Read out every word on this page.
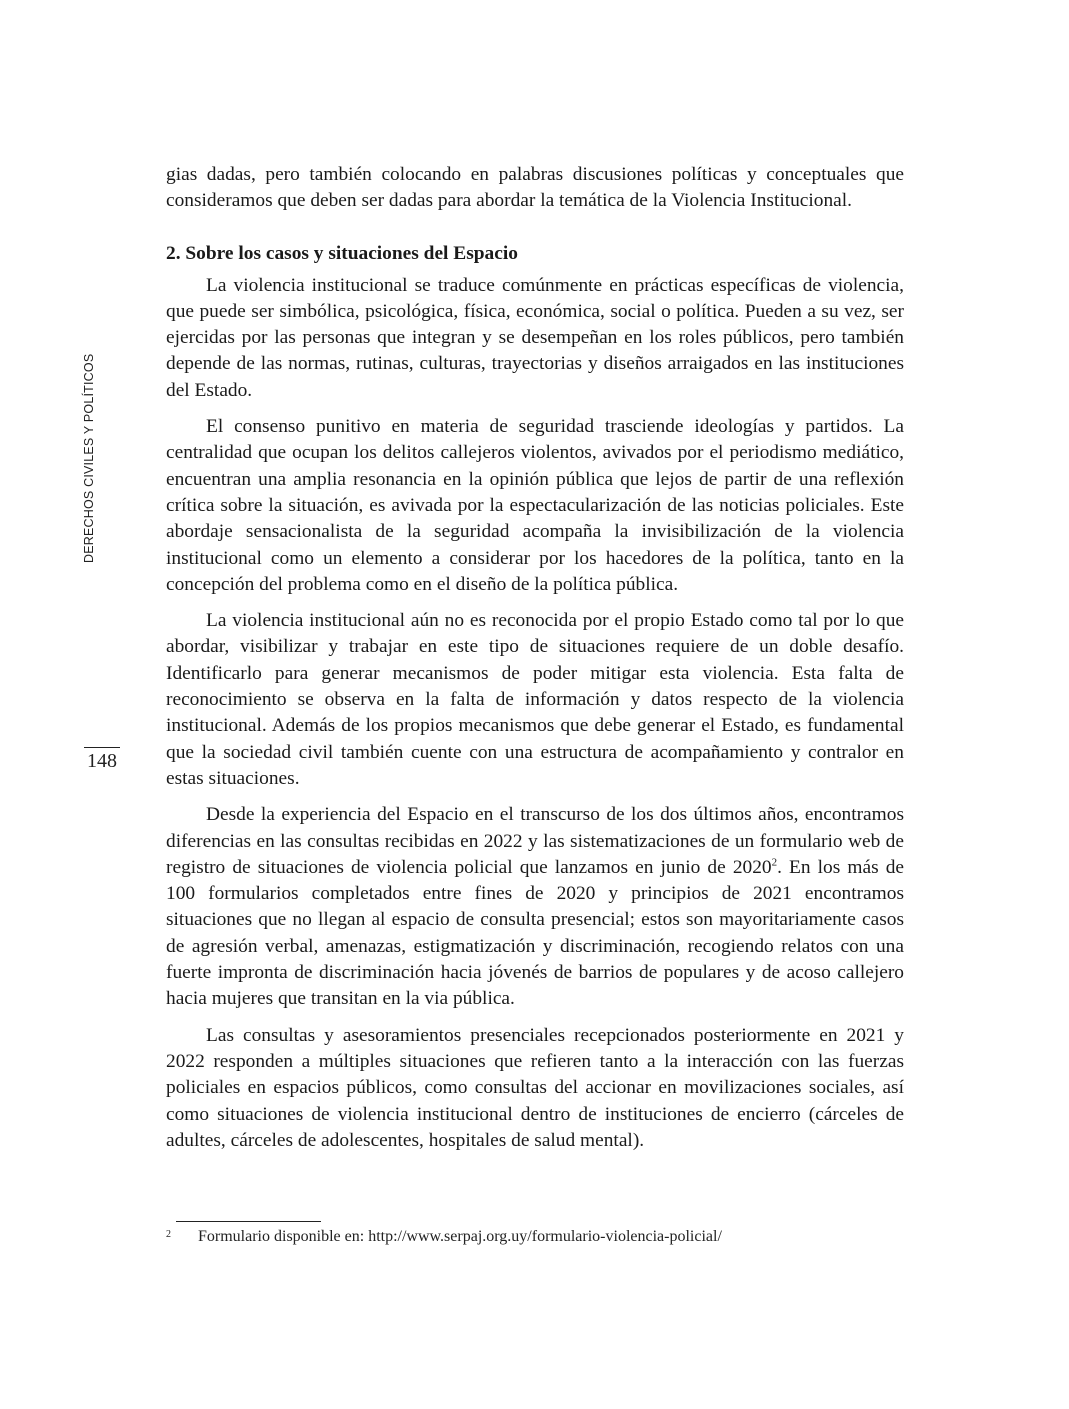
DERECHOS CIVILES Y POLÍTICOS
148

gias dadas, pero también colocando en palabras discusiones políticas y conceptuales que consideramos que deben ser dadas para abordar la temática de la Violencia Institucional.

2. Sobre los casos y situaciones del Espacio

La violencia institucional se traduce comúnmente en prácticas específicas de violencia, que puede ser simbólica, psicológica, física, económica, social o política. Pueden a su vez, ser ejercidas por las personas que integran y se desempeñan en los roles públicos, pero también depende de las normas, rutinas, culturas, trayectorias y diseños arraigados en las instituciones del Estado.

El consenso punitivo en materia de seguridad trasciende ideologías y partidos. La centralidad que ocupan los delitos callejeros violentos, avivados por el periodismo mediático, encuentran una amplia resonancia en la opinión pública que lejos de partir de una reflexión crítica sobre la situación, es avivada por la espectacularización de las noticias policiales. Este abordaje sensacionalista de la seguridad acompaña la invisibilización de la violencia institucional como un elemento a considerar por los hacedores de la política, tanto en la concepción del problema como en el diseño de la política pública.

La violencia institucional aún no es reconocida por el propio Estado como tal por lo que abordar, visibilizar y trabajar en este tipo de situaciones requiere de un doble desafío. Identificarlo para generar mecanismos de poder mitigar esta violencia. Esta falta de reconocimiento se observa en la falta de información y datos respecto de la violencia institucional. Además de los propios mecanismos que debe generar el Estado, es fundamental que la sociedad civil también cuente con una estructura de acompañamiento y contralor en estas situaciones.

Desde la experiencia del Espacio en el transcurso de los dos últimos años, encontramos diferencias en las consultas recibidas en 2022 y las sistematizaciones de un formulario web de registro de situaciones de violencia policial que lanzamos en junio de 2020$^2$. En los más de 100 formularios completados entre fines de 2020 y principios de 2021 encontramos situaciones que no llegan al espacio de consulta presencial; estos son mayoritariamente casos de agresión verbal, amenazas, estigmatización y discriminación, recogiendo relatos con una fuerte impronta de discriminación hacia jóvenés de barrios de populares y de acoso callejero hacia mujeres que transitan en la via pública.

Las consultas y asesoramientos presenciales recepcionados posteriormente en 2021 y 2022 responden a múltiples situaciones que refieren tanto a la interacción con las fuerzas policiales en espacios públicos, como consultas del accionar en movilizaciones sociales, así como situaciones de violencia institucional dentro de instituciones de encierro (cárceles de adultes, cárceles de adolescentes, hospitales de salud mental).

2 Formulario disponible en: http://www.serpaj.org.uy/formulario-violencia-policial/
